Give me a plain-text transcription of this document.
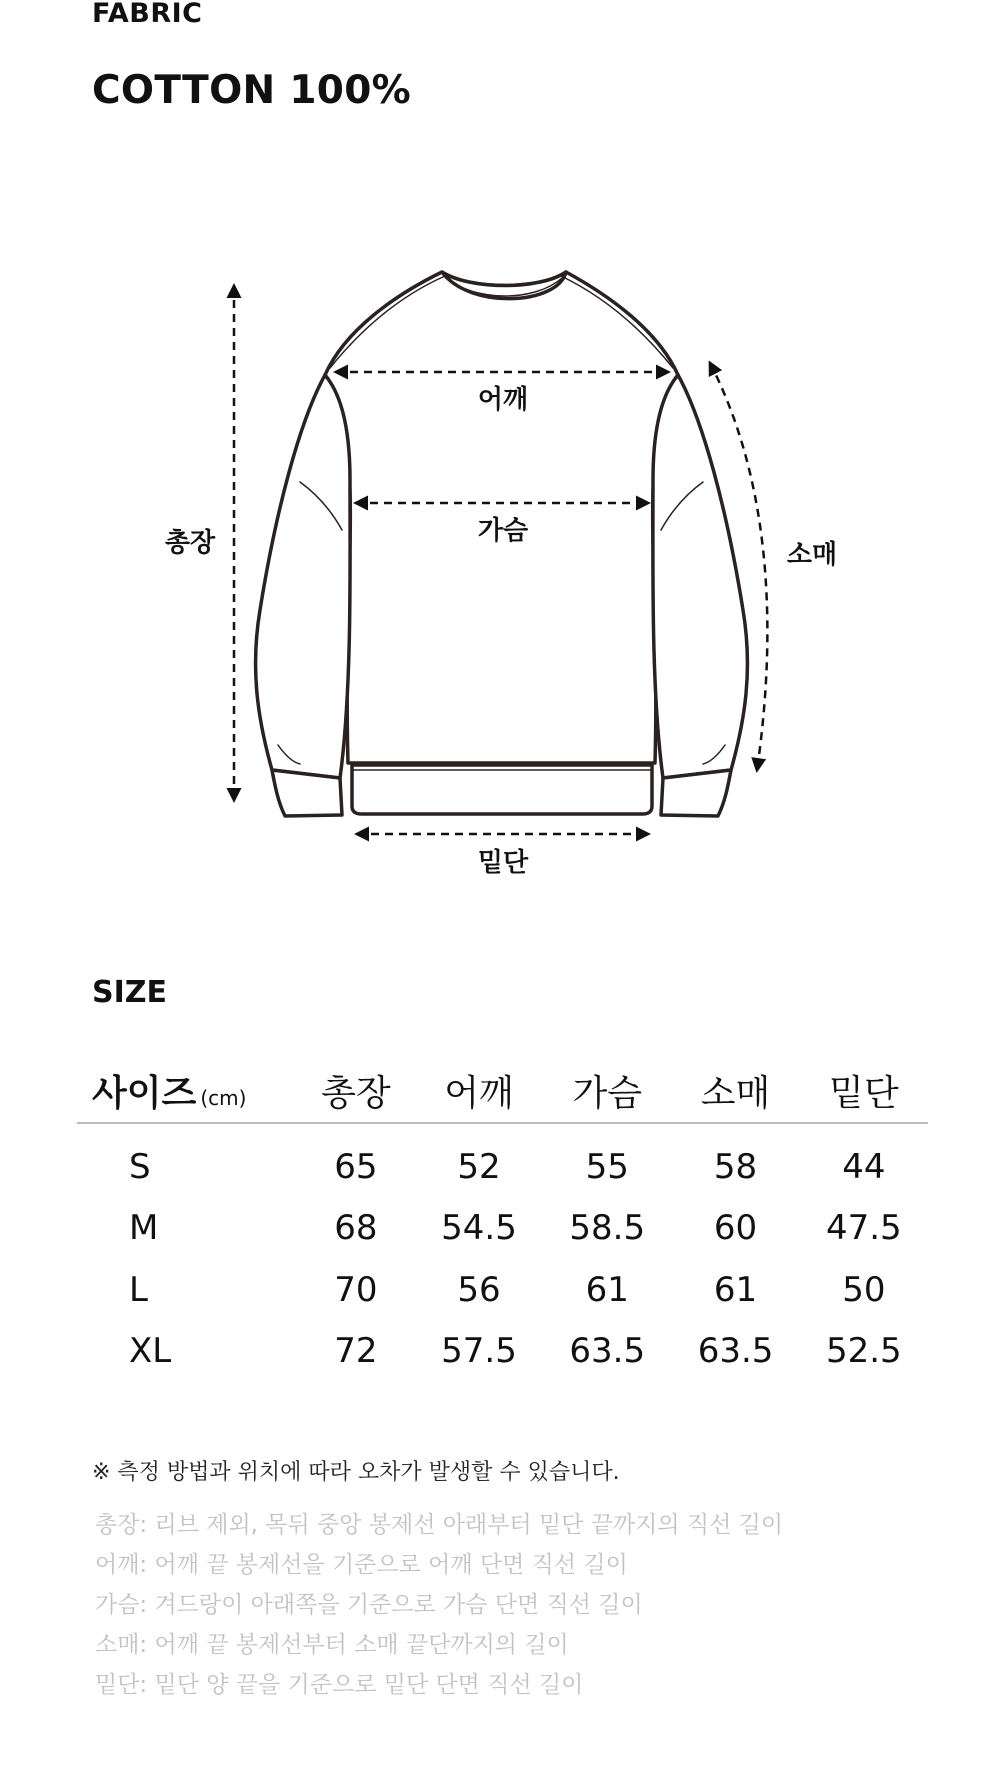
FABRIC
COTTON 100%
어깨
가슴
총장	소매
밑단
SIZE
사이즈 (cm)	총장	어깨	가슴	소매	밑단
S	65	52	55	58	44
M	68	54.5	58.5	60	47.5
L	70	56	61	61	50
XL	72	57.5	63.5	63.5	52.5
※ 측정 방법과 위치에 따라 오차가 발생할 수 있습니다.
총장: 리브 제외, 목뒤 중앙 봉제선 아래부터 밑단 끝까지의 직선 길이
어깨: 어깨 끝 봉제선을 기준으로 어깨 단면 직선 길이
가슴: 겨드랑이 아래쪽을 기준으로 가슴 단면 직선 길이
소매: 어깨 끝 봉제선부터 소매 끝단까지의 길이
밑단: 밑단 양 끝을 기준으로 밑단 단면 직선 길이
